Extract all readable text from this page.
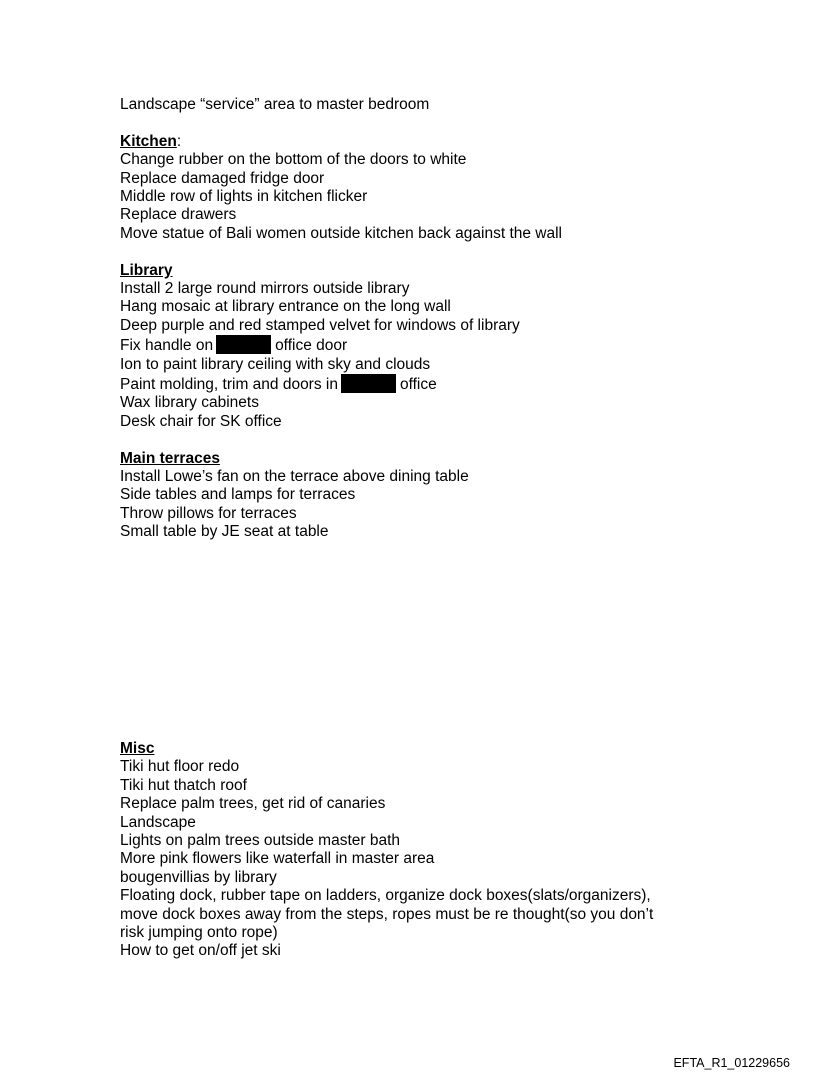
Landscape “service” area to master bedroom
Kitchen:
Change rubber on the bottom of the doors to white
Replace damaged fridge door
Middle row of lights in kitchen flicker
Replace drawers
Move statue of Bali women outside kitchen back against the wall
Library
Install 2 large round mirrors outside library
Hang mosaic at library entrance on the long wall
Deep purple and red stamped velvet for windows of library
Fix handle on	office door
Ion to paint library ceiling with sky and clouds
Paint molding, trim and doors in	office
Wax library cabinets
Desk chair for SK office
Main terraces
Install Lowe’s fan on the terrace above dining table
Side tables and lamps for terraces
Throw pillows for terraces
Small table by JE seat at table
Misc
Tiki hut floor redo
Tiki hut thatch roof
Replace palm trees, get rid of canaries
Landscape
Lights on palm trees outside master bath
More pink flowers like waterfall in master area
bougenvillias by library
Floating dock, rubber tape on ladders, organize dock boxes(slats/organizers),
move dock boxes away from the steps, ropes must be re thought(so you don’t
risk jumping onto rope)
How to get on/off jet ski
EFTA_R1_01229656
